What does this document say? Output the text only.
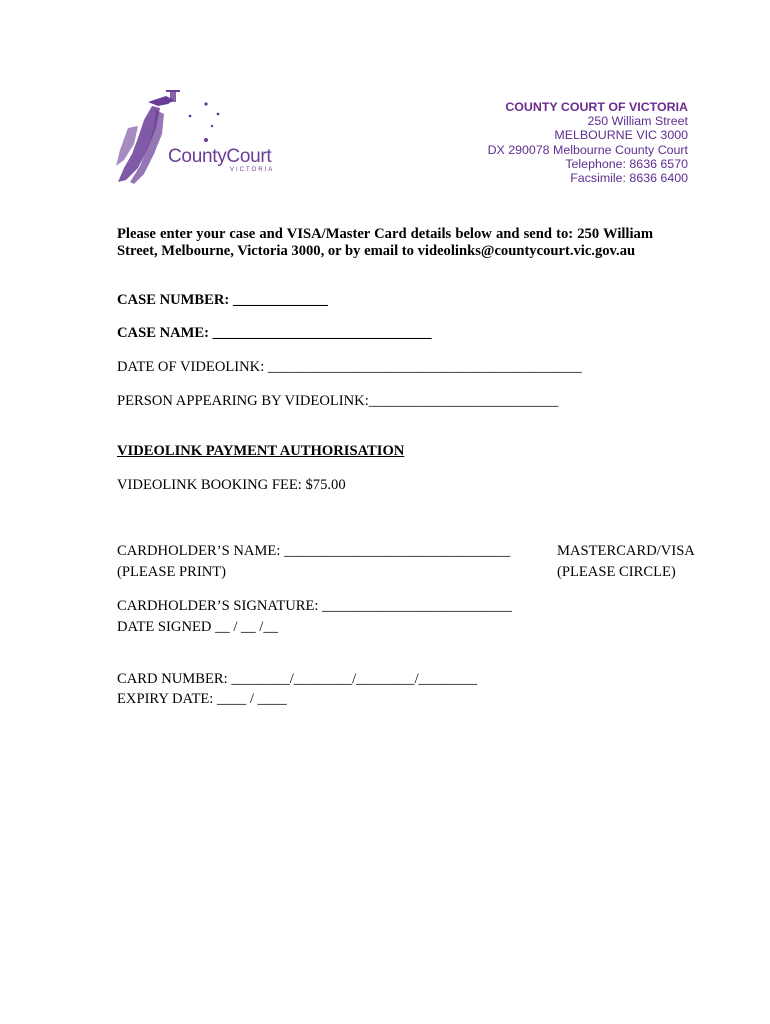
CountyCourt
VICTORIA
COUNTY COURT OF VICTORIA
250 William Street
MELBOURNE VIC 3000
DX 290078 Melbourne County Court
Telephone: 8636 6570
Facsimile: 8636 6400
Please enter your case and VISA/Master Card details below and send to: 250 William Street, Melbourne, Victoria 3000, or by email to videolinks@countycourt.vic.gov.au
CASE NUMBER: _____________
CASE NAME: ______________________________
DATE OF VIDEOLINK: ___________________________________________
PERSON APPEARING BY VIDEOLINK:__________________________
VIDEOLINK PAYMENT AUTHORISATION
VIDEOLINK BOOKING FEE: $75.00
CARDHOLDER’S NAME: _______________________________
(PLEASE PRINT)
MASTERCARD/VISA
(PLEASE CIRCLE)
CARDHOLDER’S SIGNATURE: __________________________
DATE SIGNED __ / __ /__
CARD NUMBER: ________/________/________/________
EXPIRY DATE: ____ / ____
